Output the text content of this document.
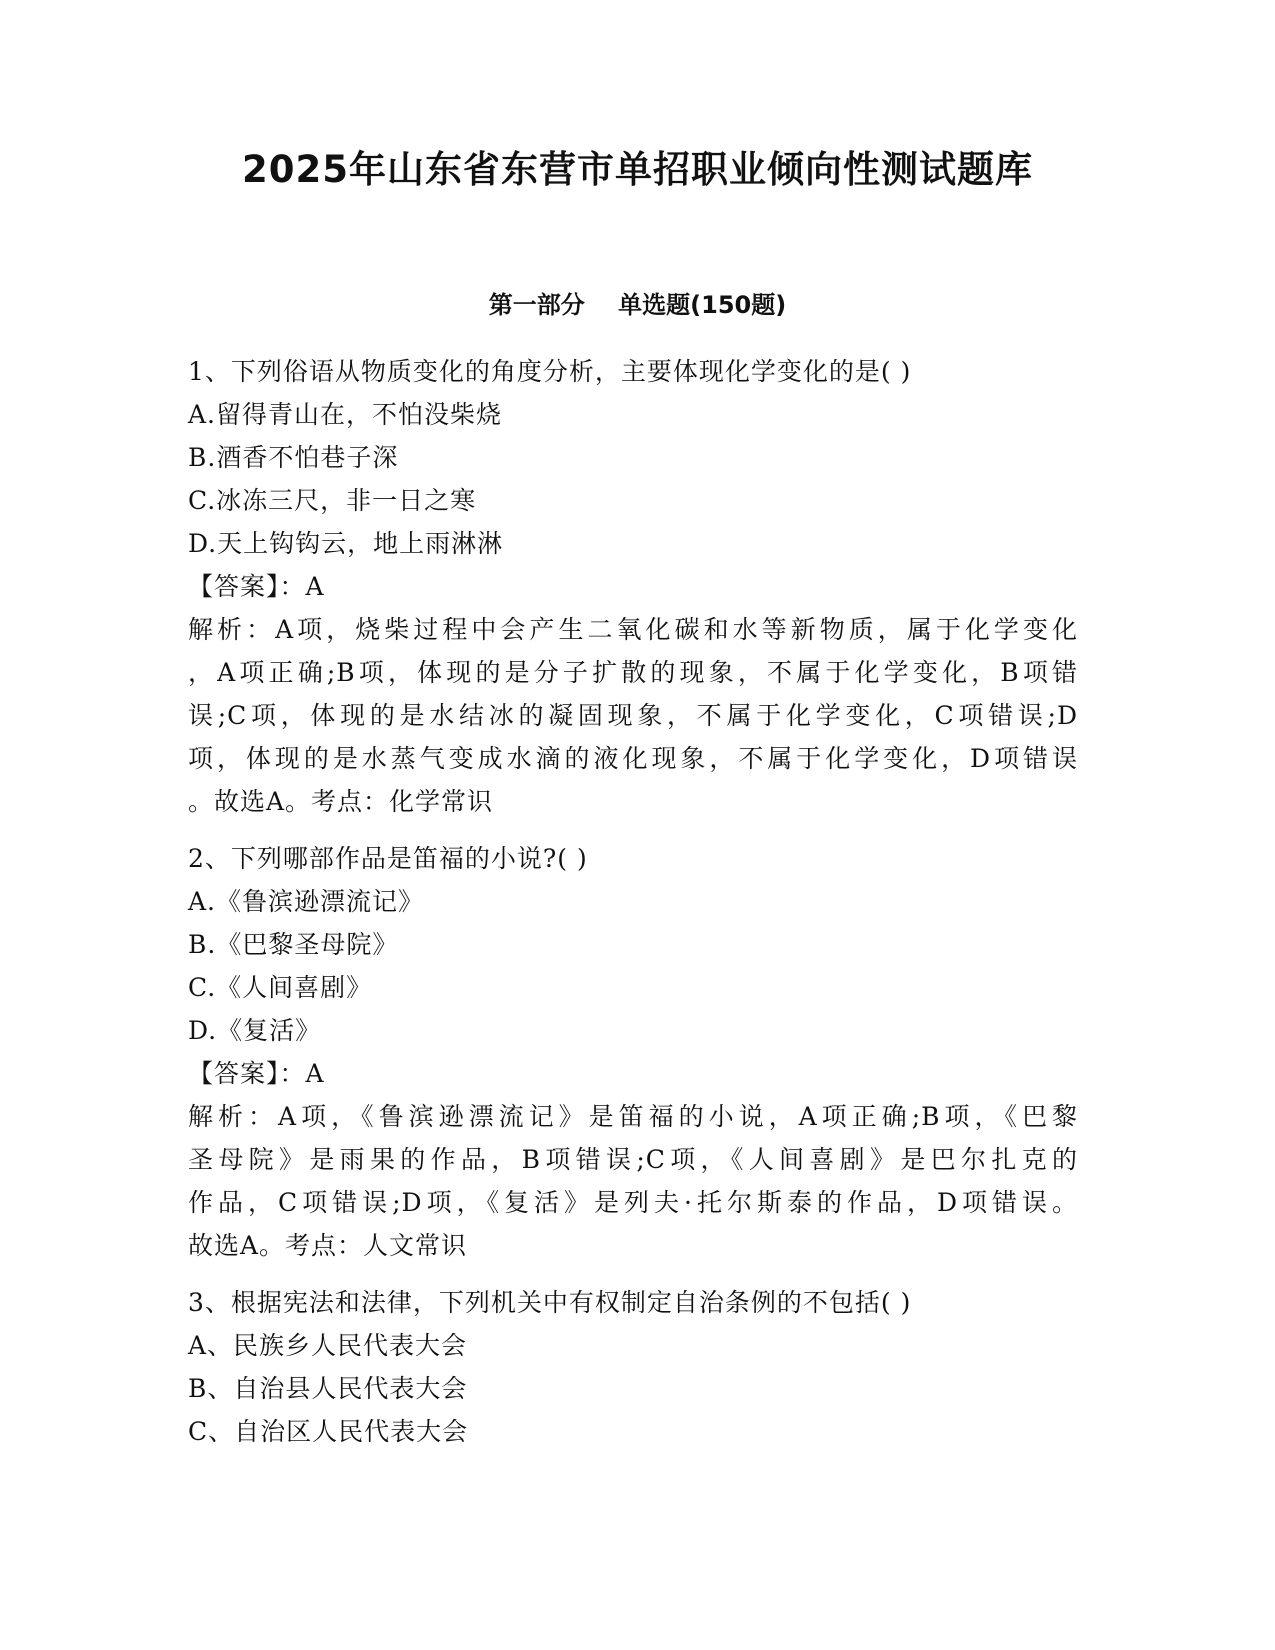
2025年山东省东营市单招职业倾向性测试题库
第一部分    单选题(150题)

1、下列俗语从物质变化的角度分析，主要体现化学变化的是( )

A.留得青山在，不怕没柴烧

B.酒香不怕巷子深

C.冰冻三尺，非一日之寒

D.天上钩钩云，地上雨淋淋

【答案】：A

解析：A项，烧柴过程中会产生二氧化碳和水等新物质，属于化学变化
，A项正确;B项，体现的是分子扩散的现象，不属于化学变化，B项错
误;C项，体现的是水结冰的凝固现象，不属于化学变化，C项错误;D
项，体现的是水蒸气变成水滴的液化现象，不属于化学变化，D项错误
。故选A。考点：化学常识

2、下列哪部作品是笛福的小说?( )

A.《鲁滨逊漂流记》

B.《巴黎圣母院》

C.《人间喜剧》

D.《复活》

【答案】：A

解析：A项，《鲁滨逊漂流记》是笛福的小说，A项正确;B项，《巴黎
圣母院》是雨果的作品，B项错误;C项，《人间喜剧》是巴尔扎克的
作品，C项错误;D项，《复活》是列夫·托尔斯泰的作品，D项错误。
故选A。考点：人文常识

3、根据宪法和法律，下列机关中有权制定自治条例的不包括( )

A、民族乡人民代表大会

B、自治县人民代表大会

C、自治区人民代表大会
